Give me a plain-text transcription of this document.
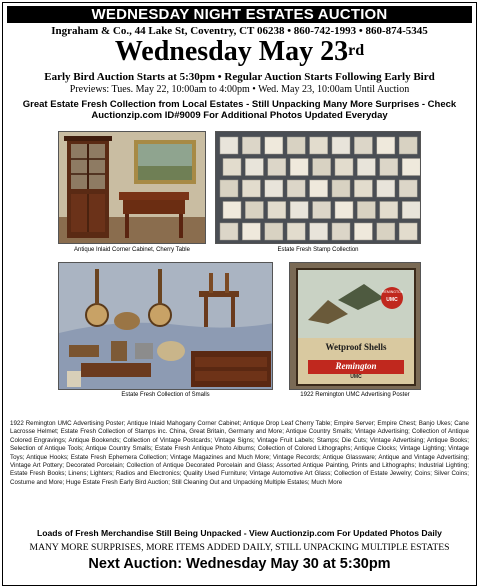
WEDNESDAY NIGHT ESTATES AUCTION
Ingraham & Co., 44 Lake St, Coventry, CT 06238 • 860-742-1993 • 860-874-5345
Wednesday May 23rd
Early Bird Auction Starts at 5:30pm • Regular Auction Starts Following Early Bird
Previews: Tues. May 22, 10:00am to 4:00pm • Wed. May 23, 10:00am Until Auction
Great Estate Fresh Collection from Local Estates - Still Unpacking Many More Surprises - Check Auctionzip.com ID#9009 For Additional Photos Updated Everyday
Antique Inlaid Corner Cabinet, Cherry Table	Estate Fresh Stamp Collection
Estate Fresh Collection of Smalls
REMINGTON
UMC
Wetproof Shells
Remington
UMC
1922 Remington UMC Advertising Poster
1922 Remington UMC Advertising Poster; Antique Inlaid Mahogany Corner Cabinet; Antique Drop Leaf Cherry Table; Empire Server; Empire Chest; Banjo Ukes; Cane Lacrosse Helmet; Estate Fresh Collection of Stamps inc. China, Great Britain, Germany and More; Antique Country Smalls; Vintage Advertising; Collection of Antique Colored Engravings; Antique Bookends; Collection of Vintage Postcards; Vintage Signs; Vintage Fruit Labels; Stamps; Die Cuts; Vintage Advertising; Antique Books; Selection of Antique Tools; Antique Country Smalls; Estate Fresh Antique Photo Albums; Collection of Colored Lithographs; Antique Clocks; Vintage Lighting; Vintage Toys; Antique Hooks; Estate Fresh Ephemera Collection; Vintage Magazines and Much More; Vintage Records; Antique Glassware; Antique and Vintage Advertising; Vintage Art Pottery; Decorated Porcelain; Collection of Antique Decorated Porcelain and Glass; Assorted Antique Painting, Prints and Lithographs; Industrial Lighting; Estate Fresh Books; Linens; Lighters; Radios and Electronics; Quality Used Furniture; Vintage Automotive Art Glass; Collection of Estate Jewelry; Coins; Silver Coins; Costume and More; Huge Estate Fresh Early Bird Auction; Still Cleaning Out and Unpacking Multiple Estates; Much More
Loads of Fresh Merchandise Still Being Unpacked - View Auctionzip.com For Updated Photos Daily
MANY MORE SURPRISES, MORE ITEMS ADDED DAILY, STILL UNPACKING MULTIPLE ESTATES
Next Auction: Wednesday May 30 at 5:30pm
